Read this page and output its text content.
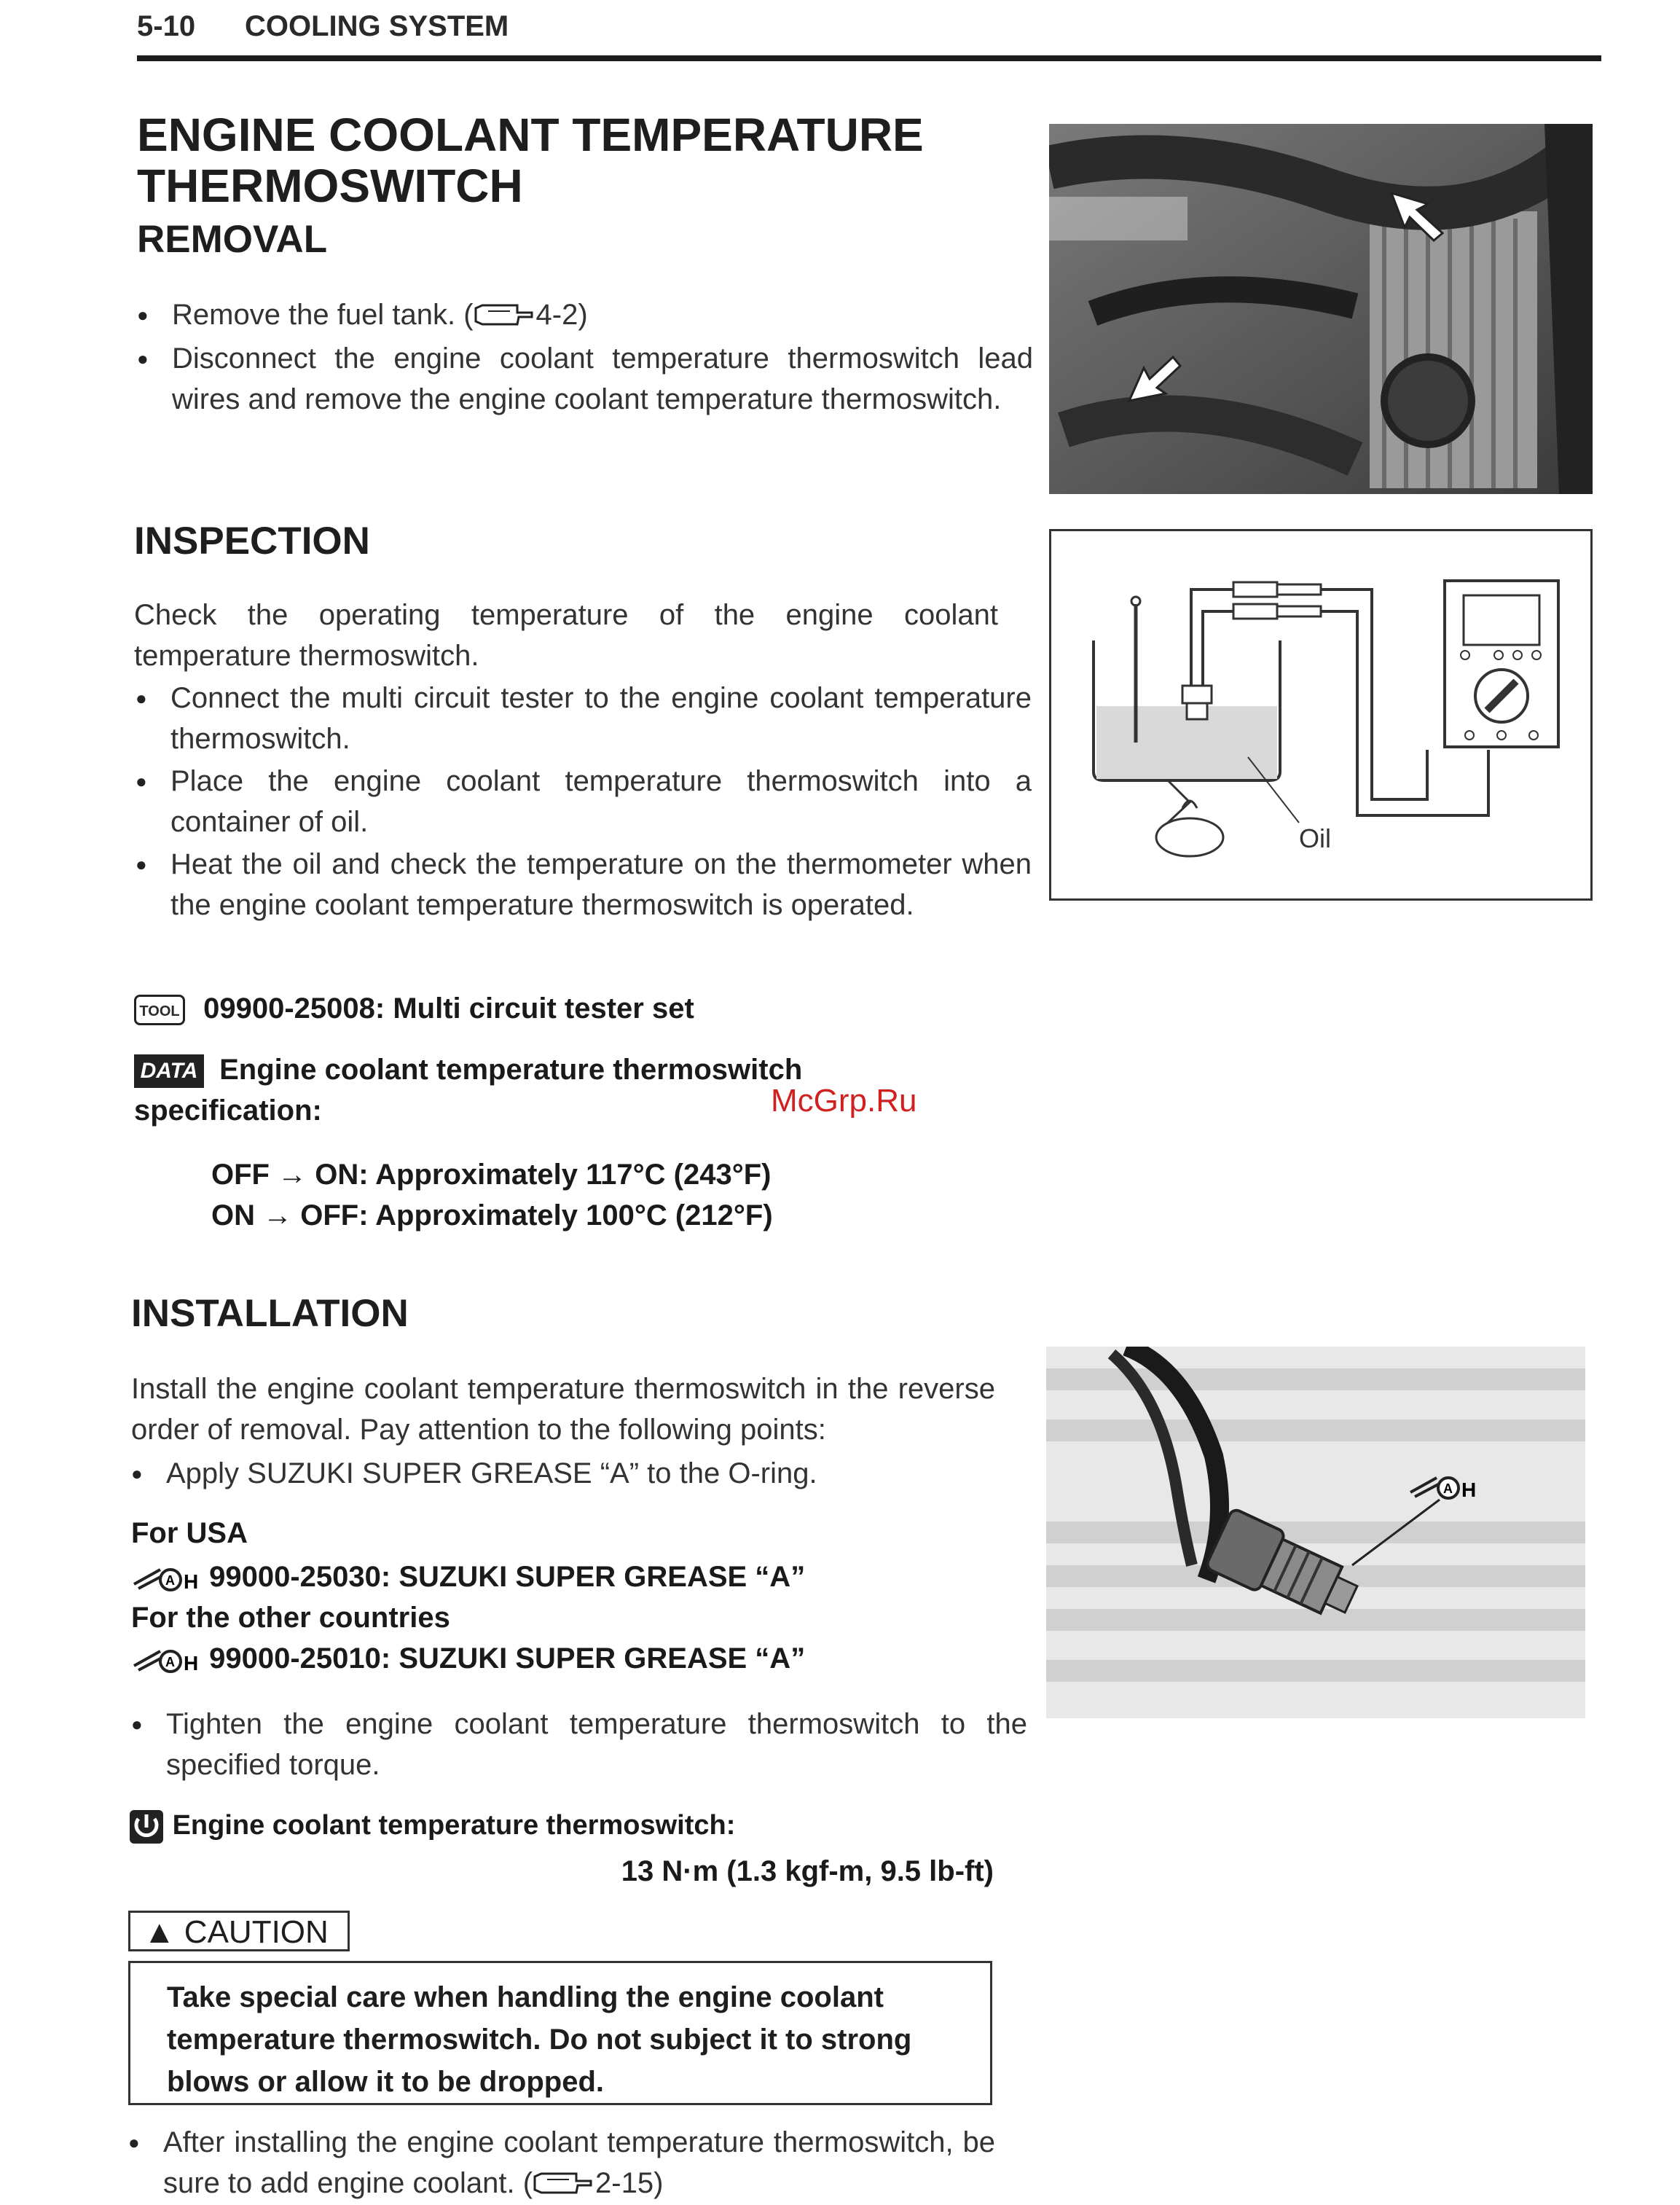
5-10 COOLING SYSTEM
ENGINE COOLANT TEMPERATURE
THERMOSWITCH
REMOVAL
● Remove the fuel tank. ( 4-2)
● Disconnect the engine coolant temperature thermoswitch lead wires and remove the engine coolant temperature thermoswitch.
INSPECTION
Check the operating temperature of the engine coolant temperature thermoswitch.
● Connect the multi circuit tester to the engine coolant temperature thermoswitch.
● Place the engine coolant temperature thermoswitch into a container of oil.
● Heat the oil and check the temperature on the thermometer when the engine coolant temperature thermoswitch is operated.
TOOL 09900-25008: Multi circuit tester set
DATA Engine coolant temperature thermoswitch specification:
OFF → ON: Approximately 117°C (243°F)
ON → OFF: Approximately 100°C (212°F)
McGrp.Ru
Oil
INSTALLATION
Install the engine coolant temperature thermoswitch in the reverse order of removal. Pay attention to the following points:
● Apply SUZUKI SUPER GREASE “A” to the O-ring.
For USA
A H 99000-25030: SUZUKI SUPER GREASE “A”
For the other countries
A H 99000-25010: SUZUKI SUPER GREASE “A”
● Tighten the engine coolant temperature thermoswitch to the specified torque.
Engine coolant temperature thermoswitch:
13 N·m (1.3 kgf-m, 9.5 lb-ft)
▲ CAUTION
Take special care when handling the engine coolant temperature thermoswitch. Do not subject it to strong blows or allow it to be dropped.
● After installing the engine coolant temperature thermoswitch, be sure to add engine coolant. ( 2-15)
A H
